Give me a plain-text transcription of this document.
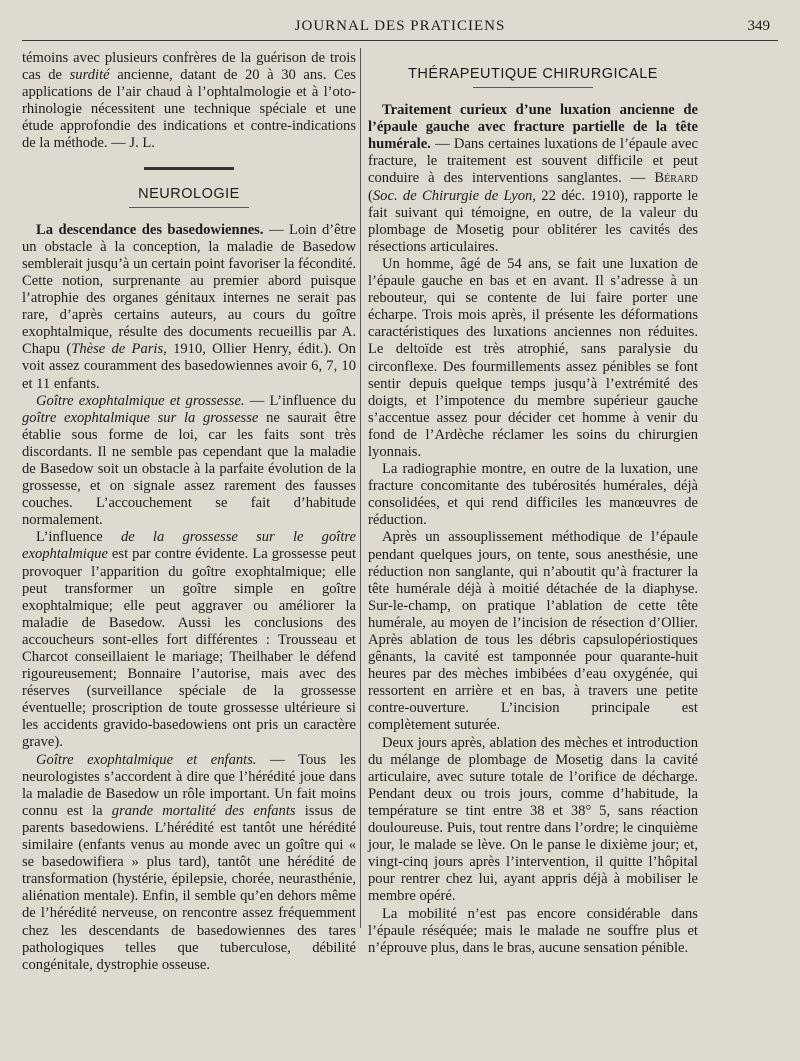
JOURNAL DES PRATICIENS	349

témoins avec plusieurs confrères de la guérison de trois cas de surdité ancienne, datant de 20 à 30 ans. Ces applications de l’air chaud à l’ophtalmologie et à l’oto-rhinologie nécessitent une technique spéciale et une étude approfondie des indications et contre-indications de la méthode. — J. L.

NEUROLOGIE

La descendance des basedowiennes. — Loin d’être un obstacle à la conception, la maladie de Basedow semblerait jusqu’à un certain point favoriser la fécondité. Cette notion, surprenante au premier abord puisque l’atrophie des organes génitaux internes ne serait pas rare, d’après certains auteurs, au cours du goître exophtalmique, résulte des documents recueillis par A. Chapu (Thèse de Paris, 1910, Ollier Henry, édit.). On voit assez couramment des basedowiennes avoir 6, 7, 10 et 11 enfants.

Goître exophtalmique et grossesse. — L’influence du goître exophtalmique sur la grossesse ne saurait être établie sous forme de loi, car les faits sont très discordants. Il ne semble pas cependant que la maladie de Basedow soit un obstacle à la parfaite évolution de la grossesse, et on signale assez rarement des fausses couches. L’accouchement se fait d’habitude normalement.

L’influence de la grossesse sur le goître exophtalmique est par contre évidente. La grossesse peut provoquer l’apparition du goître exophtalmique; elle peut transformer un goître simple en goître exophtalmique; elle peut aggraver ou améliorer la maladie de Basedow. Aussi les conclusions des accoucheurs sont-elles fort différentes : Trousseau et Charcot conseillaient le mariage; Theilhaber le défend rigoureusement; Bonnaire l’autorise, mais avec des réserves (surveillance spéciale de la grossesse éventuelle; proscription de toute grossesse ultérieure si les accidents gravido-basedowiens ont pris un caractère grave).

Goître exophtalmique et enfants. — Tous les neurologistes s’accordent à dire que l’hérédité joue dans la maladie de Basedow un rôle important. Un fait moins connu est la grande mortalité des enfants issus de parents basedowiens. L’hérédité est tantôt une hérédité similaire (enfants venus au monde avec un goître qui « se basedowifiera » plus tard), tantôt une hérédité de transformation (hystérie, épilepsie, chorée, neurasthénie, aliénation mentale). Enfin, il semble qu’en dehors même de l’hérédité nerveuse, on rencontre assez fréquemment chez les descendants de basedowiennes des tares pathologiques telles que tuberculose, débilité congénitale, dystrophie osseuse.

THÉRAPEUTIQUE CHIRURGICALE

Traitement curieux d’une luxation ancienne de l’épaule gauche avec fracture partielle de la tête humérale. — Dans certaines luxations de l’épaule avec fracture, le traitement est souvent difficile et peut conduire à des interventions sanglantes. — Bérard (Soc. de Chirurgie de Lyon, 22 déc. 1910), rapporte le fait suivant qui témoigne, en outre, de la valeur du plombage de Mosetig pour oblitérer les cavités des résections articulaires.

Un homme, âgé de 54 ans, se fait une luxation de l’épaule gauche en bas et en avant. Il s’adresse à un rebouteur, qui se contente de lui faire porter une écharpe. Trois mois après, il présente les déformations caractéristiques des luxations anciennes non réduites. Le deltoïde est très atrophié, sans paralysie du circonflexe. Des fourmillements assez pénibles se font sentir depuis quelque temps jusqu’à l’extrémité des doigts, et l’impotence du membre supérieur gauche s’accentue assez pour décider cet homme à venir du fond de l’Ardèche réclamer les soins du chirurgien lyonnais.

La radiographie montre, en outre de la luxation, une fracture concomitante des tubérosités humérales, déjà consolidées, et qui rend difficiles les manœuvres de réduction.

Après un assouplissement méthodique de l’épaule pendant quelques jours, on tente, sous anesthésie, une réduction non sanglante, qui n’aboutit qu’à fracturer la tête humérale déjà à moitié détachée de la diaphyse. Sur-le-champ, on pratique l’ablation de cette tête humérale, au moyen de l’incision de résection d’Ollier. Après ablation de tous les débris capsulopériostiques gênants, la cavité est tamponnée pour quarante-huit heures par des mèches imbibées d’eau oxygénée, qui ressortent en arrière et en bas, à travers une petite contre-ouverture. L’incision principale est complètement suturée.

Deux jours après, ablation des mèches et introduction du mélange de plombage de Mosetig dans la cavité articulaire, avec suture totale de l’orifice de décharge. Pendant deux ou trois jours, comme d’habitude, la température se tint entre 38 et 38° 5, sans réaction douloureuse. Puis, tout rentre dans l’ordre; le cinquième jour, le malade se lève. On le panse le dixième jour; et, vingt-cinq jours après l’intervention, il quitte l’hôpital pour rentrer chez lui, ayant appris déjà à mobiliser le membre opéré.

La mobilité n’est pas encore considérable dans l’épaule réséquée; mais le malade ne souffre plus et n’éprouve plus, dans le bras, aucune sensation pénible.
